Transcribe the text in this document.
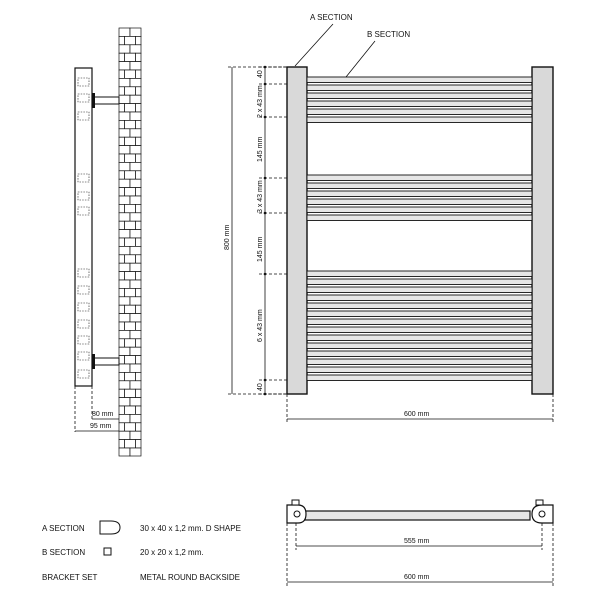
80 mm
95 mm
A SECTION
B SECTION
800 mm
40
2 x 43 mm
145 mm
3 x 43 mm
145 mm
6 x 43 mm
40
600 mm
A SECTION	30 x 40 x 1,2 mm. D SHAPE
B SECTION	20 x 20 x 1,2 mm.
BRACKET SET	METAL ROUND BACKSIDE
555 mm
600 mm
